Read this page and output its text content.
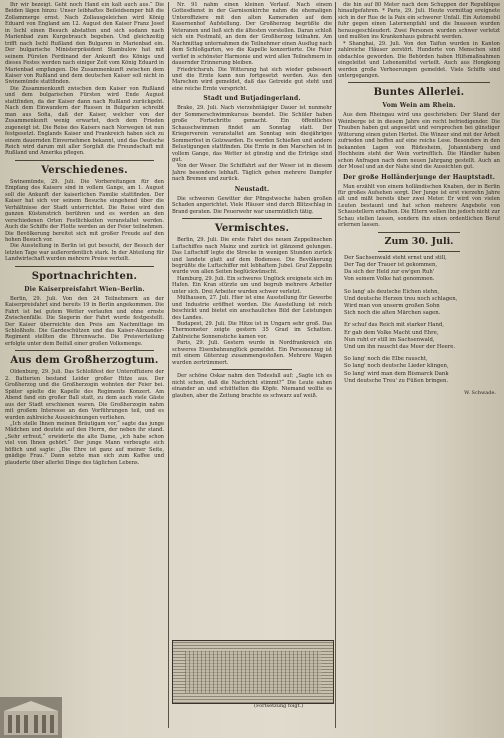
Ihr wir bezeigt. Geht noch Hand ein kalt auch aus.“ Die Beiden lägen hinzu: Unser leibhaftes Beileidsemper hiß die Zollammerge ernst. Nach Zollausgeleichen wird König Eduard von England am 12. August den Kaiser Franz Josef in Ischl einen Besuch abstatten und sich sodann nach Marienbad zum Kurgebrauch begeben. Und gleichzeitig trifft nach Ischl Rußland den Bulgaren in Marienbad ein. Der bulgarische Ministerpräsident Stambulow hat mit seinem Fürsten Ferdinand der Ankunft des Königs und dieses Festes werden nach einiger Zeit vom König Eduard in Marienbad empfangen. Die Zusammenkunft zwischen dem Kaiser von Rußland und dem deutschen Kaiser soll nicht in Swinemünde stattfinden.

Die Zusammenkunft zwischen dem Kaiser von Rußland und dem bulgarischen Fürsten wird Ende August stattfinden, da der Kaiser dann nach Rußland zurückgeht. Nach dem Einwandern der Russen in Bulgarien schreibt man aus Sofia, daß der Kaiser, welcher von der Zusammenkunft wenig erwartet, doch dem Frieden zugeneigt ist. Die Reise des Kaisers nach Norwegen ist nun festgesetzt. Englands Kaiser und Frankreich haben sich zu einem dauernden Einvernehmen bekannt, und das Deutsche Reich wird darum mit aller Sorgfalt die Freundschaft mit Rußland und Amerika pflegen.

Verschiedenes.

Swinemünde, 29. Juli. Die Vorbereitungen für den Empfang des Kaisers sind in vollem Gange, am 1. August soll die Ankunft der kaiserlichen Familie stattfinden. Der Kaiser hat sich vor seinem Besuche eingehend über die Verhältnisse der Stadt unterrichtet. Die Reise wird den ganzen Küstenstrich berühren und es werden an den verschiedenen Orten Festlichkeiten veranstaltet werden. Auch die Schiffe der Flotte werden an der Feier teilnehmen. Die Bevölkerung bereitet sich mit großer Freude auf den hohen Besuch vor.

Die Ausstellung in Berlin ist gut besucht, der Besuch der letzten Tage war außerordentlich stark. In der Abteilung für Landwirtschaft wurden mehrere Preise verteilt.

Sportnachrichten.
Die Kaiserpreisfahrt Wien–Berlin.

Berlin, 29. Juli. Von den 24 Teilnehmern an der Kaiserpreisfahrt sind bereits 19 in Berlin angekommen. Die Fahrt ist bei gutem Wetter verlaufen und ohne ernste Zwischenfälle. Die Siegerin der Fahrt wurde festgestellt. Der Kaiser überreichte den Preis am Nachmittage im Schloßhofe. Die Gardeschützen und das Kaiser-Alexander-Regiment stellten die Ehrenwache. Die Preisverteilung erfolgte unter dem Beifall einer großen Volksmenge.

Aus dem Großherzogtum.

Oldenburg, 29. Juli. Das Schloßfest der Unteroffiziere der 2. Batterien bestand Leider großer Hitze aus. Der Großherzog und die Großherzogin wohnten der Feier bei. Später spielte die Kapelle des Regiments Konzert. Am Abend fand ein großer Ball statt, zu dem auch viele Gäste aus der Stadt erschienen waren. Die Großherzogin nahm mit großem Interesse an den Vorführungen teil, und es wurden zahlreiche Auszeichnungen verliehen.

„Ich stelle Ihnen meinen Bräutigam vor,“ sagte das junge Mädchen und deutete auf den Herrn, der neben ihr stand. „Sehr erfreut,“ erwiderte die alte Dame, „ich habe schon viel von Ihnen gehört.“ Der junge Mann verbeugte sich höflich und sagte: „Die Ehre ist ganz auf meiner Seite, gnädige Frau.“ Dann setzte man sich zum Kaffee und plauderte über allerlei Dinge des täglichen Lebens.

Nr. 91 nahm einen kleinen Verlauf. Nach einem Gottesdienst in der Garnisonkirche nahm die ehemaligen Unteroffiziere mit den alten Kameraden auf dem Kasernenhof Aufstellung. Der Großherzog begrüßte die Veteranen und ließ sich die ältesten vorstellen. Daran schloß sich ein Festmahl, an dem der Großherzog teilnahm. Am Nachmittag unternahmen die Teilnehmer einen Ausflug nach dem Schloßgarten, wo die Kapelle konzertierte. Die Feier verlief in schönster Harmonie und wird allen Teilnehmern in dauernder Erinnerung bleiben.

Friedrichsruh. Die Witterung hat sich wieder gebessert und die Ernte kann nun fortgesetzt werden. Aus den Marschen wird gemeldet, daß das Getreide gut steht und eine reiche Ernte verspricht.

Stadt und Butjadingerland.

Brake, 29. Juli. Nach vierzehntägiger Dauer ist nunmehr der Sommerschwimmkursus beendet. Die Schüler haben große Fortschritte gemacht. Ein öffentliches Schauschwimmen findet am Sonntag statt. Der Kriegerverein veranstaltet am Sonntag sein diesjähriges Sommerfest in Golzwarden. Es werden Schießen und andere Belustigungen stattfinden. Die Ernte in den Marschen ist in vollem Gange, das Wetter ist günstig und die Erträge sind gut.

Von der Weser. Die Schiffahrt auf der Weser ist in diesem Jahre besonders lebhaft. Täglich gehen mehrere Dampfer nach Bremen und zurück.

Neustadt.

Die schweren Gewitter der Pfingstwoche haben großen Schaden angerichtet. Viele Häuser sind durch Blitzschlag in Brand geraten. Die Feuerwehr war unermüdlich tätig.

Vermischtes.

Berlin, 29. Juli. Die erste Fahrt des neuen Zeppelinschen Luftschiffes nach Mainz und zurück ist glänzend gelungen. Das Luftschiff legte die Strecke in wenigen Stunden zurück und landete glatt auf dem Bodensee. Die Bevölkerung begrüßte die Luftschiffer mit lebhaftem Jubel. Graf Zeppelin wurde von allen Seiten beglückwünscht.

Hamburg, 29. Juli. Ein schweres Unglück ereignete sich im Hafen. Ein Kran stürzte um und begrub mehrere Arbeiter unter sich. Drei Arbeiter wurden schwer verletzt.

Mülhausen, 27. Juli. Hier ist eine Ausstellung für Gewerbe und Industrie eröffnet worden. Die Ausstellung ist reich beschickt und bietet ein anschauliches Bild der Leistungen des Landes.

Budapest, 29. Juli. Die Hitze ist in Ungarn sehr groß. Das Thermometer zeigte gestern 35 Grad im Schatten. Zahlreiche Sonnenstiche kamen vor.

Paris, 29. Juli. Gestern wurde in Nordfrankreich ein schweres Eisenbahnunglück gemeldet. Ein Personenzug ist mit einem Güterzug zusammengestoßen. Mehrere Wagen wurden zertrümmert.

Der schöne Oskar nahm den Todesfall auf: „Sagte ich es nicht schon, daß die Nachricht stimmt?“ Die Leute sahen einander an und schüttelten die Köpfe. Niemand wollte es glauben, aber die Zeitung brachte es schwarz auf weiß.

(Fortsetzung folgt.)

die hin auf 80 Meter nach dem Schuppen der Republique hinaufgefahren. * Paris, 29. Juli. Heute vormittag ereignete sich in der Rue de la Paix ein schwerer Unfall. Ein Automobil fuhr gegen einen Laternenpfahl und die Insassen wurden herausgeschleudert. Zwei Personen wurden schwer verletzt und mußten ins Krankenhaus gebracht werden.

* Shanghai, 29. Juli. Von den Taifun wurden in Kanton zahlreiche Häuser zerstört. Hunderte von Menschen sind obdachlos geworden. Die Behörden haben Hilfsmaßnahmen eingeleitet und Lebensmittel verteilt. Auch aus Hongkong werden große Verheerungen gemeldet. Viele Schiffe sind untergegangen.

Buntes Allerlei.
Vom Wein am Rhein.

Aus dem Rheingau wird uns geschrieben: Der Stand der Weinberge ist in diesem Jahre ein recht befriedigender. Die Trauben haben gut angesetzt und versprechen bei günstiger Witterung einen guten Herbst. Die Winzer sind mit der Arbeit zufrieden und hoffen auf eine reiche Lese. Besonders in den bekannten Lagen von Rüdesheim, Johannisberg und Hochheim steht der Wein vortrefflich. Die Händler haben schon Anfragen nach dem neuen Jahrgang gestellt. Auch an der Mosel und an der Nahe sind die Aussichten gut.

Der große Holländerjunge der Hauptstadt.

Man erzählt von einem holländischen Knaben, der in Berlin für großes Aufsehen sorgt. Der Junge ist erst vierzehn Jahre alt und mißt bereits über zwei Meter. Er wird von vielen Leuten bestaunt und hat schon mehrere Angebote von Schaustellern erhalten. Die Eltern wollen ihn jedoch nicht zur Schau stellen lassen, sondern ihn einen ordentlichen Beruf erlernen lassen.

Zum 30. Juli.
Der Sachsenwald steht ernst und still,
Der Tag der Trauer ist gekommen,
Da sich der Held zur ew'gen Ruh'
Von seinem Volke hat genommen.
So lang' als deutsche Eichen stehn,
Und deutsche Herzen treu noch schlagen,
Wird man von unserm großen Sohn
Sich noch die alten Märchen sagen.
Er schuf das Reich mit starker Hand,
Er gab dem Volke Macht und Ehre,
Nun ruht er still im Sachsenwald,
Und um ihn rauscht das Meer der Heere.
So lang' noch die Elbe rauscht,
So lang' noch deutsche Lieder klingen,
So lang' wird man dem Bismarck Dank
Und deutsche Treu' zu Füßen bringen.
W. Schwade.
